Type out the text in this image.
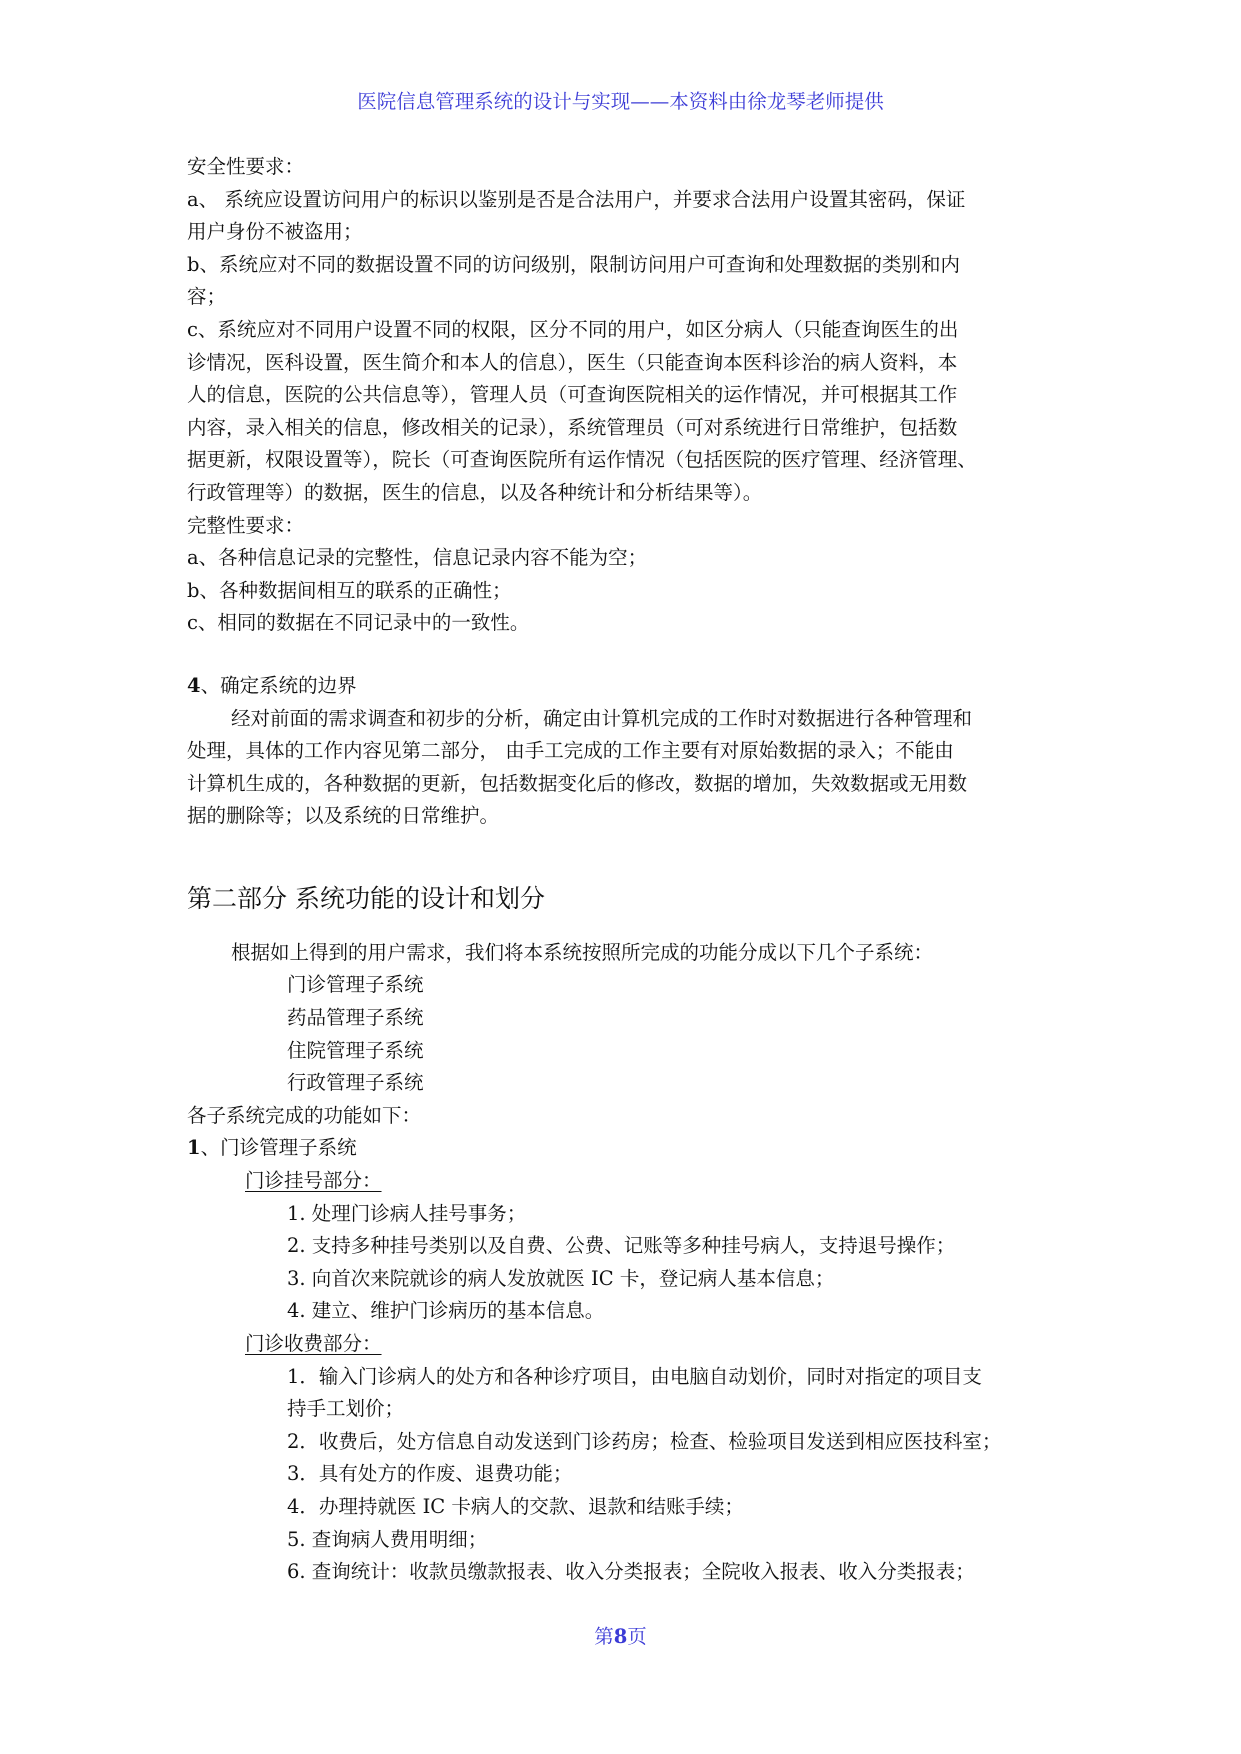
医院信息管理系统的设计与实现——本资料由徐龙琴老师提供
安全性要求：
a、 系统应设置访问用户的标识以鉴别是否是合法用户，并要求合法用户设置其密码，保证
用户身份不被盗用；
b、系统应对不同的数据设置不同的访问级别，限制访问用户可查询和处理数据的类别和内
容；
c、系统应对不同用户设置不同的权限，区分不同的用户，如区分病人（只能查询医生的出
诊情况，医科设置，医生简介和本人的信息），医生（只能查询本医科诊治的病人资料，本
人的信息，医院的公共信息等），管理人员（可查询医院相关的运作情况，并可根据其工作
内容，录入相关的信息，修改相关的记录），系统管理员（可对系统进行日常维护，包括数
据更新，权限设置等），院长（可查询医院所有运作情况（包括医院的医疗管理、经济管理、
行政管理等）的数据，医生的信息，以及各种统计和分析结果等）。
完整性要求：
a、各种信息记录的完整性，信息记录内容不能为空；
b、各种数据间相互的联系的正确性；
c、相同的数据在不同记录中的一致性。
4、确定系统的边界
经对前面的需求调查和初步的分析，确定由计算机完成的工作时对数据进行各种管理和
处理，具体的工作内容见第二部分， 由手工完成的工作主要有对原始数据的录入；不能由
计算机生成的，各种数据的更新，包括数据变化后的修改，数据的增加，失效数据或无用数
据的删除等；以及系统的日常维护。
第二部分 系统功能的设计和划分
根据如上得到的用户需求，我们将本系统按照所完成的功能分成以下几个子系统：
门诊管理子系统
药品管理子系统
住院管理子系统
行政管理子系统
各子系统完成的功能如下：
1、门诊管理子系统
门诊挂号部分：
1. 处理门诊病人挂号事务；
2. 支持多种挂号类别以及自费、公费、记账等多种挂号病人，支持退号操作；
3. 向首次来院就诊的病人发放就医 IC 卡，登记病人基本信息；
4. 建立、维护门诊病历的基本信息。
门诊收费部分：
1．输入门诊病人的处方和各种诊疗项目，由电脑自动划价，同时对指定的项目支
持手工划价；
2．收费后，处方信息自动发送到门诊药房；检查、检验项目发送到相应医技科室；
3．具有处方的作废、退费功能；
4．办理持就医 IC 卡病人的交款、退款和结账手续；
5. 查询病人费用明细；
6. 查询统计：收款员缴款报表、收入分类报表；全院收入报表、收入分类报表；
第8页
